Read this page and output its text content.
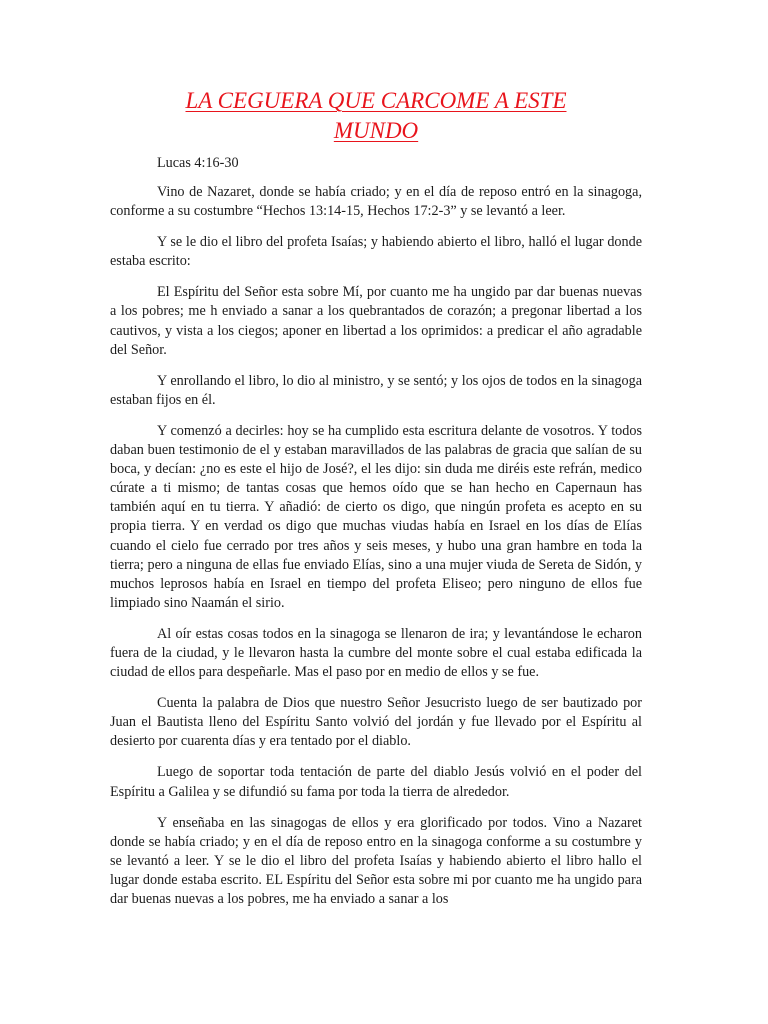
LA CEGUERA QUE CARCOME A ESTE
MUNDO
Lucas 4:16-30

Vino de Nazaret, donde se había criado; y en el día de reposo entró en la sinagoga, conforme a su costumbre “Hechos 13:14-15, Hechos 17:2-3” y se levantó a leer.

Y se le dio el libro del profeta Isaías; y habiendo abierto el libro, halló el lugar donde estaba escrito:

El Espíritu del Señor esta sobre Mí, por cuanto me ha ungido par dar buenas nuevas a los pobres; me h enviado a sanar a los quebrantados de corazón; a pregonar libertad a los cautivos, y vista a los ciegos; aponer en libertad a los oprimidos: a predicar el año agradable del Señor.

Y enrollando el libro, lo dio al ministro, y se sentó; y los ojos de todos en la sinagoga estaban fijos en él.

Y comenzó a decirles: hoy se ha cumplido esta escritura delante de vosotros. Y todos daban buen testimonio de el y estaban maravillados de las palabras de gracia que salían de su boca, y decían: ¿no es este el hijo de José?, el les dijo: sin duda me diréis este refrán, medico cúrate a ti mismo; de tantas cosas que hemos oído que se han hecho en Capernaun has también aquí en tu tierra. Y añadió: de cierto os digo, que ningún profeta es acepto en su propia tierra. Y en verdad os digo que muchas viudas había en Israel en los días de Elías cuando el cielo fue cerrado por tres años y seis meses, y hubo una gran hambre en toda la tierra; pero a ninguna de ellas fue enviado Elías, sino a una mujer viuda de Sereta de Sidón, y muchos leprosos había en Israel en tiempo del profeta Eliseo; pero ninguno de ellos fue limpiado sino Naamán el sirio.

Al oír estas cosas todos en la sinagoga se llenaron de ira; y levantándose le echaron fuera de la ciudad, y le llevaron hasta la cumbre del monte sobre el cual estaba edificada la ciudad de ellos para despeñarle. Mas el paso por en medio de ellos y se fue.

Cuenta la palabra de Dios que nuestro Señor Jesucristo luego de ser bautizado por Juan el Bautista lleno del Espíritu Santo volvió del jordán y fue llevado por el Espíritu al desierto por cuarenta días y era tentado por el diablo.

Luego de soportar toda tentación de parte del diablo Jesús volvió en el poder del Espíritu a Galilea y se difundió su fama por toda la tierra de alrededor.

Y enseñaba en las sinagogas de ellos y era glorificado por todos. Vino a Nazaret donde se había criado; y en el día de reposo entro en la sinagoga conforme a su costumbre y se levantó a leer. Y se le dio el libro del profeta Isaías y habiendo abierto el libro hallo el lugar donde estaba escrito. EL Espíritu del Señor esta sobre mi por cuanto me ha ungido para dar buenas nuevas a los pobres, me ha enviado a sanar a los
